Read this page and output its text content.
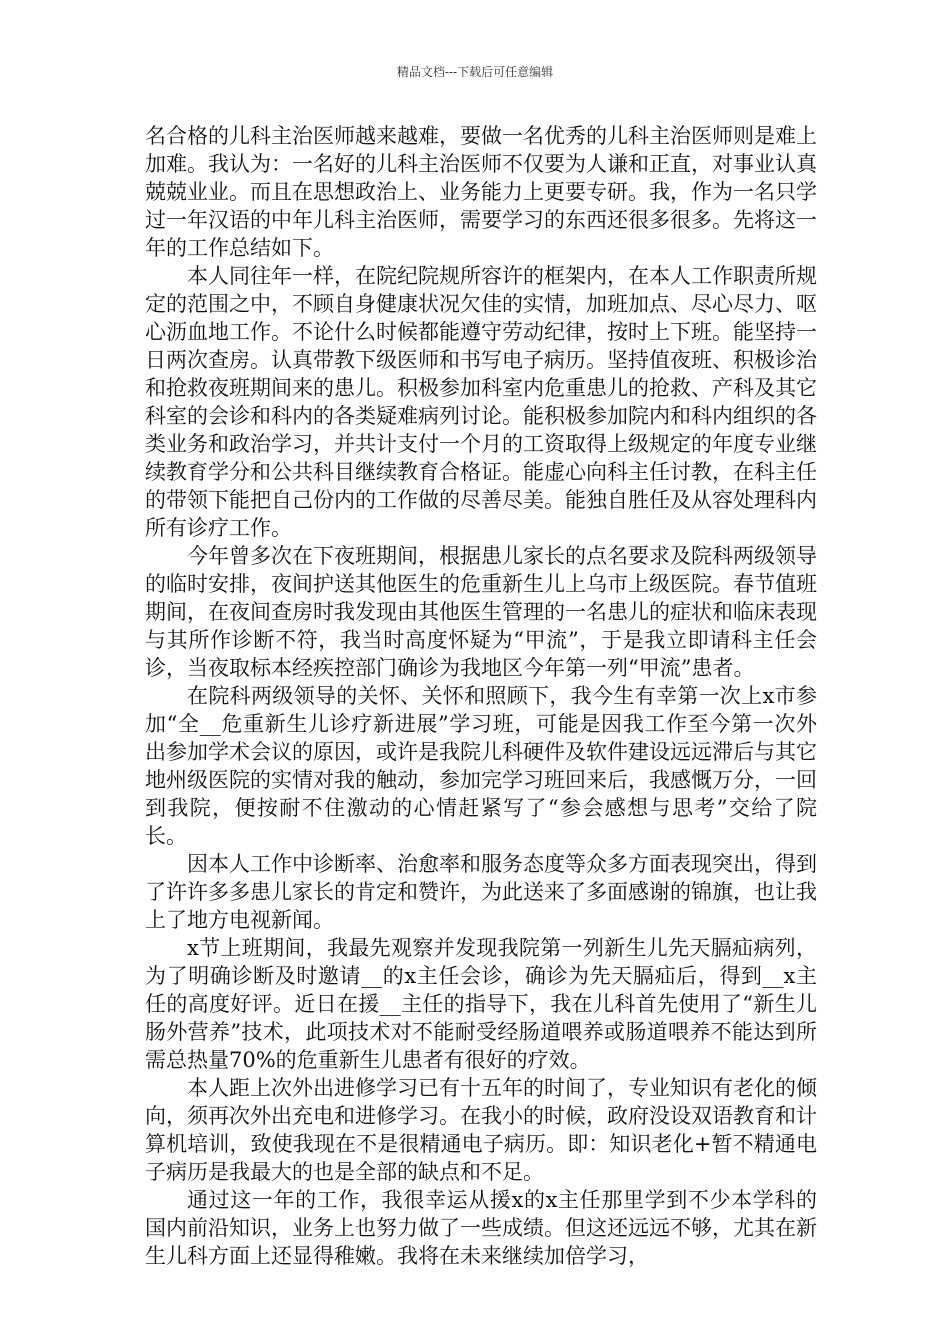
精品文档---下载后可任意编辑

名合格的儿科主治医师越来越难，要做一名优秀的儿科主治医师则是难上加难。我认为：一名好的儿科主治医师不仅要为人谦和正直，对事业认真兢兢业业。而且在思想政治上、业务能力上更要专研。我，作为一名只学过一年汉语的中年儿科主治医师，需要学习的东西还很多很多。先将这一年的工作总结如下。

本人同往年一样，在院纪院规所容许的框架内，在本人工作职责所规定的范围之中，不顾自身健康状况欠佳的实情，加班加点、尽心尽力、呕心沥血地工作。不论什么时候都能遵守劳动纪律，按时上下班。能坚持一日两次查房。认真带教下级医师和书写电子病历。坚持值夜班、积极诊治和抢救夜班期间来的患儿。积极参加科室内危重患儿的抢救、产科及其它科室的会诊和科内的各类疑难病列讨论。能积极参加院内和科内组织的各类业务和政治学习，并共计支付一个月的工资取得上级规定的年度专业继续教育学分和公共科目继续教育合格证。能虚心向科主任讨教，在科主任的带领下能把自己份内的工作做的尽善尽美。能独自胜任及从容处理科内所有诊疗工作。

今年曾多次在下夜班期间，根据患儿家长的点名要求及院科两级领导的临时安排，夜间护送其他医生的危重新生儿上乌市上级医院。春节值班期间，在夜间查房时我发现由其他医生管理的一名患儿的症状和临床表现与其所作诊断不符，我当时高度怀疑为“甲流”，于是我立即请科主任会诊，当夜取标本经疾控部门确诊为我地区今年第一列“甲流”患者。

在院科两级领导的关怀、关怀和照顾下，我今生有幸第一次上x市参加“全__危重新生儿诊疗新进展”学习班，可能是因我工作至今第一次外出参加学术会议的原因，或许是我院儿科硬件及软件建设远远滞后与其它地州级医院的实情对我的触动，参加完学习班回来后，我感慨万分，一回到我院，便按耐不住激动的心情赶紧写了“参会感想与思考”交给了院长。

因本人工作中诊断率、治愈率和服务态度等众多方面表现突出，得到了许许多多患儿家长的肯定和赞许，为此送来了多面感谢的锦旗，也让我上了地方电视新闻。

x节上班期间，我最先观察并发现我院第一列新生儿先天膈疝病列，为了明确诊断及时邀请__的x主任会诊，确诊为先天膈疝后，得到__x主任的高度好评。近日在援__主任的指导下，我在儿科首先使用了“新生儿肠外营养”技术，此项技术对不能耐受经肠道喂养或肠道喂养不能达到所需总热量70%的危重新生儿患者有很好的疗效。

本人距上次外出进修学习已有十五年的时间了，专业知识有老化的倾向，须再次外出充电和进修学习。在我小的时候，政府没设双语教育和计算机培训，致使我现在不是很精通电子病历。即：知识老化+暂不精通电子病历是我最大的也是全部的缺点和不足。

通过这一年的工作，我很幸运从援x的x主任那里学到不少本学科的国内前沿知识，业务上也努力做了一些成绩。但这还远远不够，尤其在新生儿科方面上还显得稚嫩。我将在未来继续加倍学习，
